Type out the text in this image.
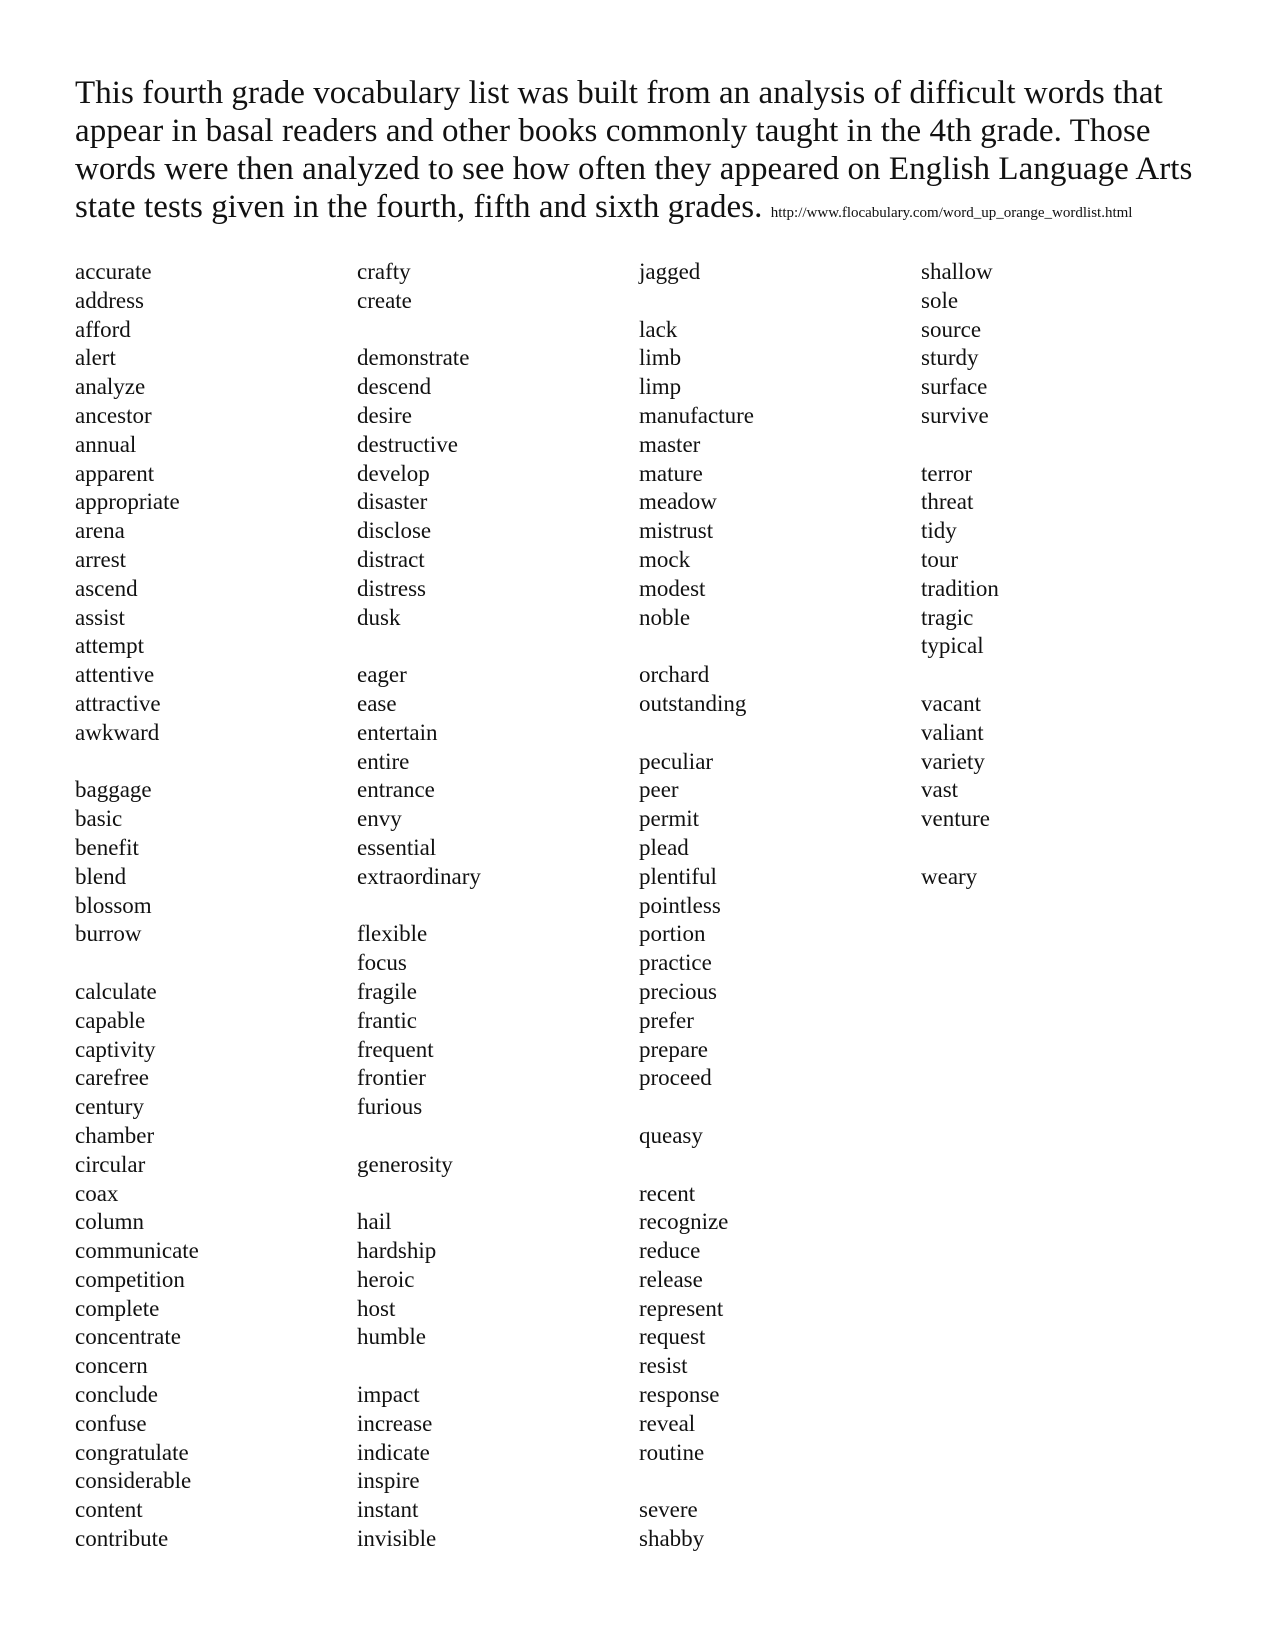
This fourth grade vocabulary list was built from an analysis of difficult words that appear in basal readers and other books commonly taught in the 4th grade. Those words were then analyzed to see how often they appeared on English Language Arts state tests given in the fourth, fifth and sixth grades. http://www.flocabulary.com/word_up_orange_wordlist.html

accurate
address
afford
alert
analyze
ancestor
annual
apparent
appropriate
arena
arrest
ascend
assist
attempt
attentive
attractive
awkward
baggage
basic
benefit
blend
blossom
burrow
calculate
capable
captivity
carefree
century
chamber
circular
coax
column
communicate
competition
complete
concentrate
concern
conclude
confuse
congratulate
considerable
content
contribute
crafty
create
demonstrate
descend
desire
destructive
develop
disaster
disclose
distract
distress
dusk
eager
ease
entertain
entire
entrance
envy
essential
extraordinary
flexible
focus
fragile
frantic
frequent
frontier
furious
generosity
hail
hardship
heroic
host
humble
impact
increase
indicate
inspire
instant
invisible
jagged
lack
limb
limp
manufacture
master
mature
meadow
mistrust
mock
modest
noble
orchard
outstanding
peculiar
peer
permit
plead
plentiful
pointless
portion
practice
precious
prefer
prepare
proceed
queasy
recent
recognize
reduce
release
represent
request
resist
response
reveal
routine
severe
shabby
shallow
sole
source
sturdy
surface
survive
terror
threat
tidy
tour
tradition
tragic
typical
vacant
valiant
variety
vast
venture
weary
